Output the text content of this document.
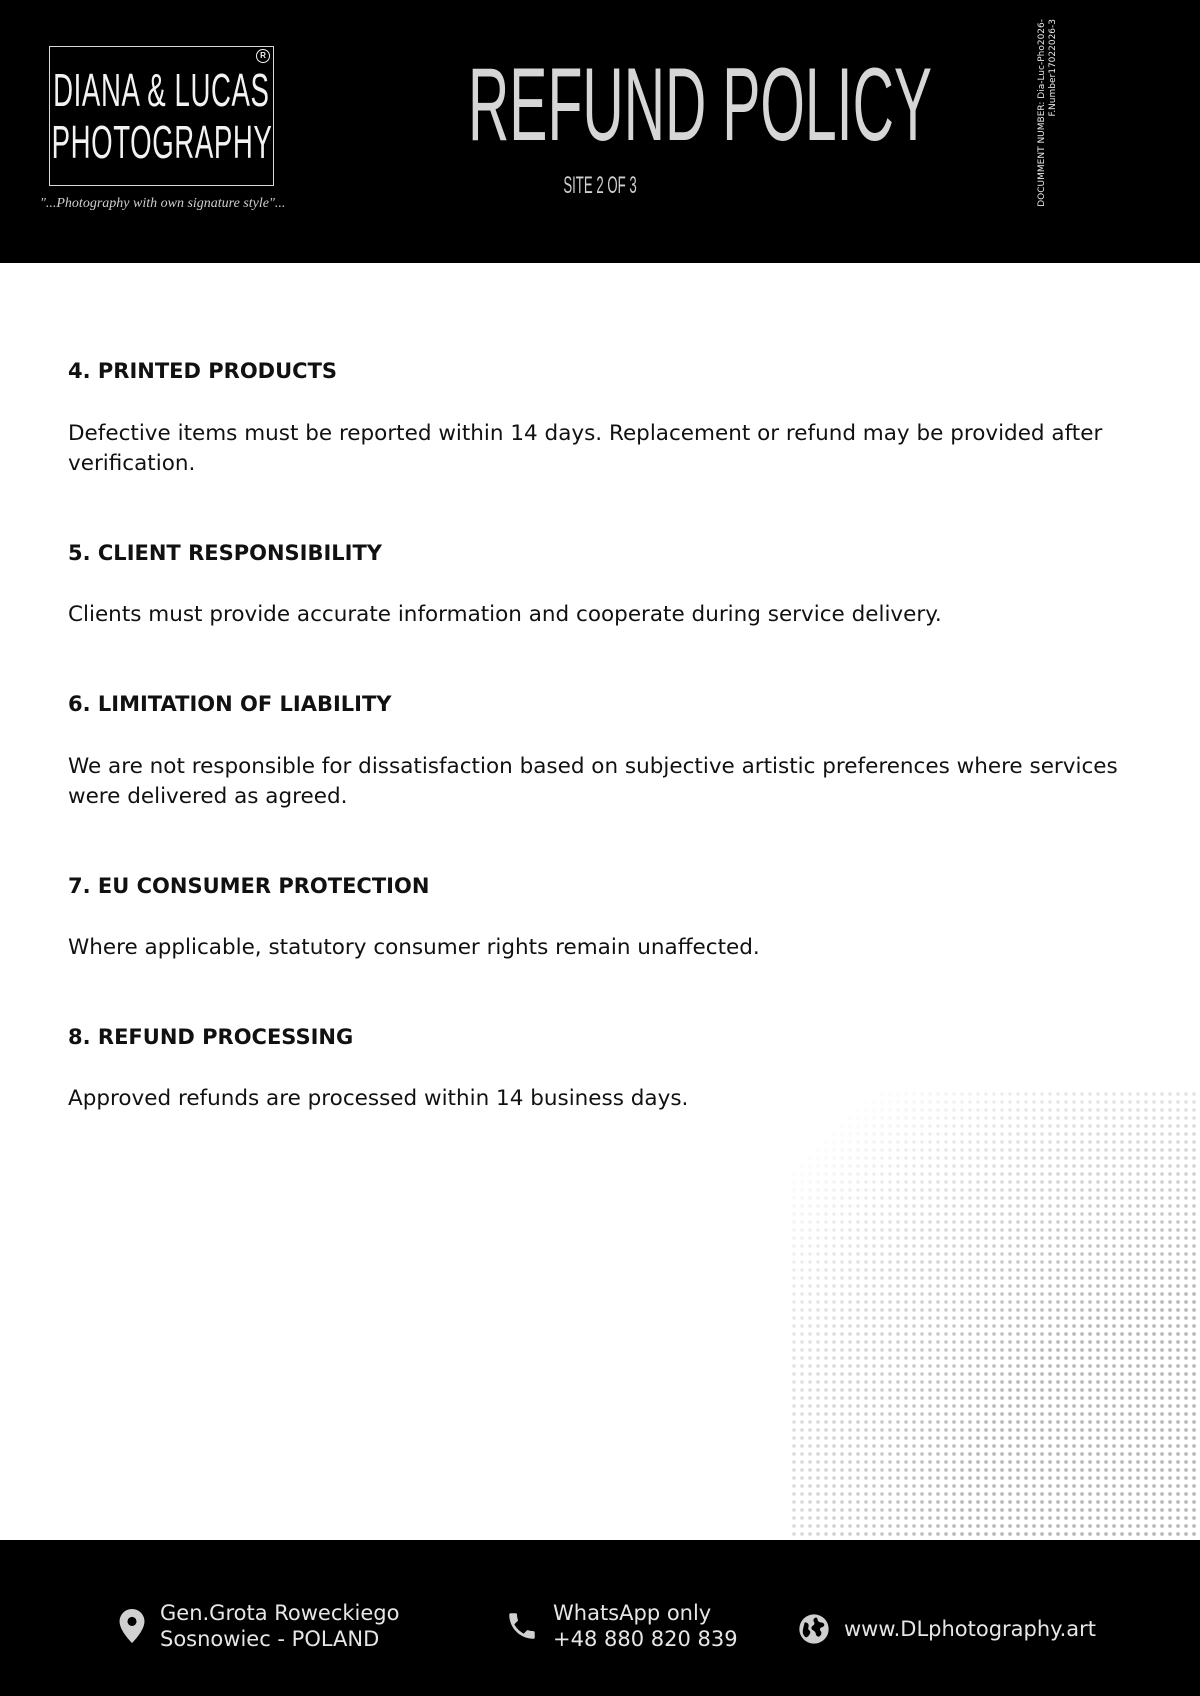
DIANA & LUCAS
PHOTOGRAPHY
R
"...Photography with own signature style"...
REFUND POLICY
SITE 2 OF 3	DOCUMMENT NUMBER: Dia-Luc-Pho2026- F.Number17022026-3
4. PRINTED PRODUCTS

Defective items must be reported within 14 days. Replacement or refund may be provided after verification.

5. CLIENT RESPONSIBILITY

Clients must provide accurate information and cooperate during service delivery.

6. LIMITATION OF LIABILITY

We are not responsible for dissatisfaction based on subjective artistic preferences where services were delivered as agreed.

7. EU CONSUMER PROTECTION

Where applicable, statutory consumer rights remain unaffected.

8. REFUND PROCESSING

Approved refunds are processed within 14 business days.

Gen.Grota Roweckiego
Sosnowiec - POLAND
WhatsApp only
+48 880 820 839	www.DLphotography.art
